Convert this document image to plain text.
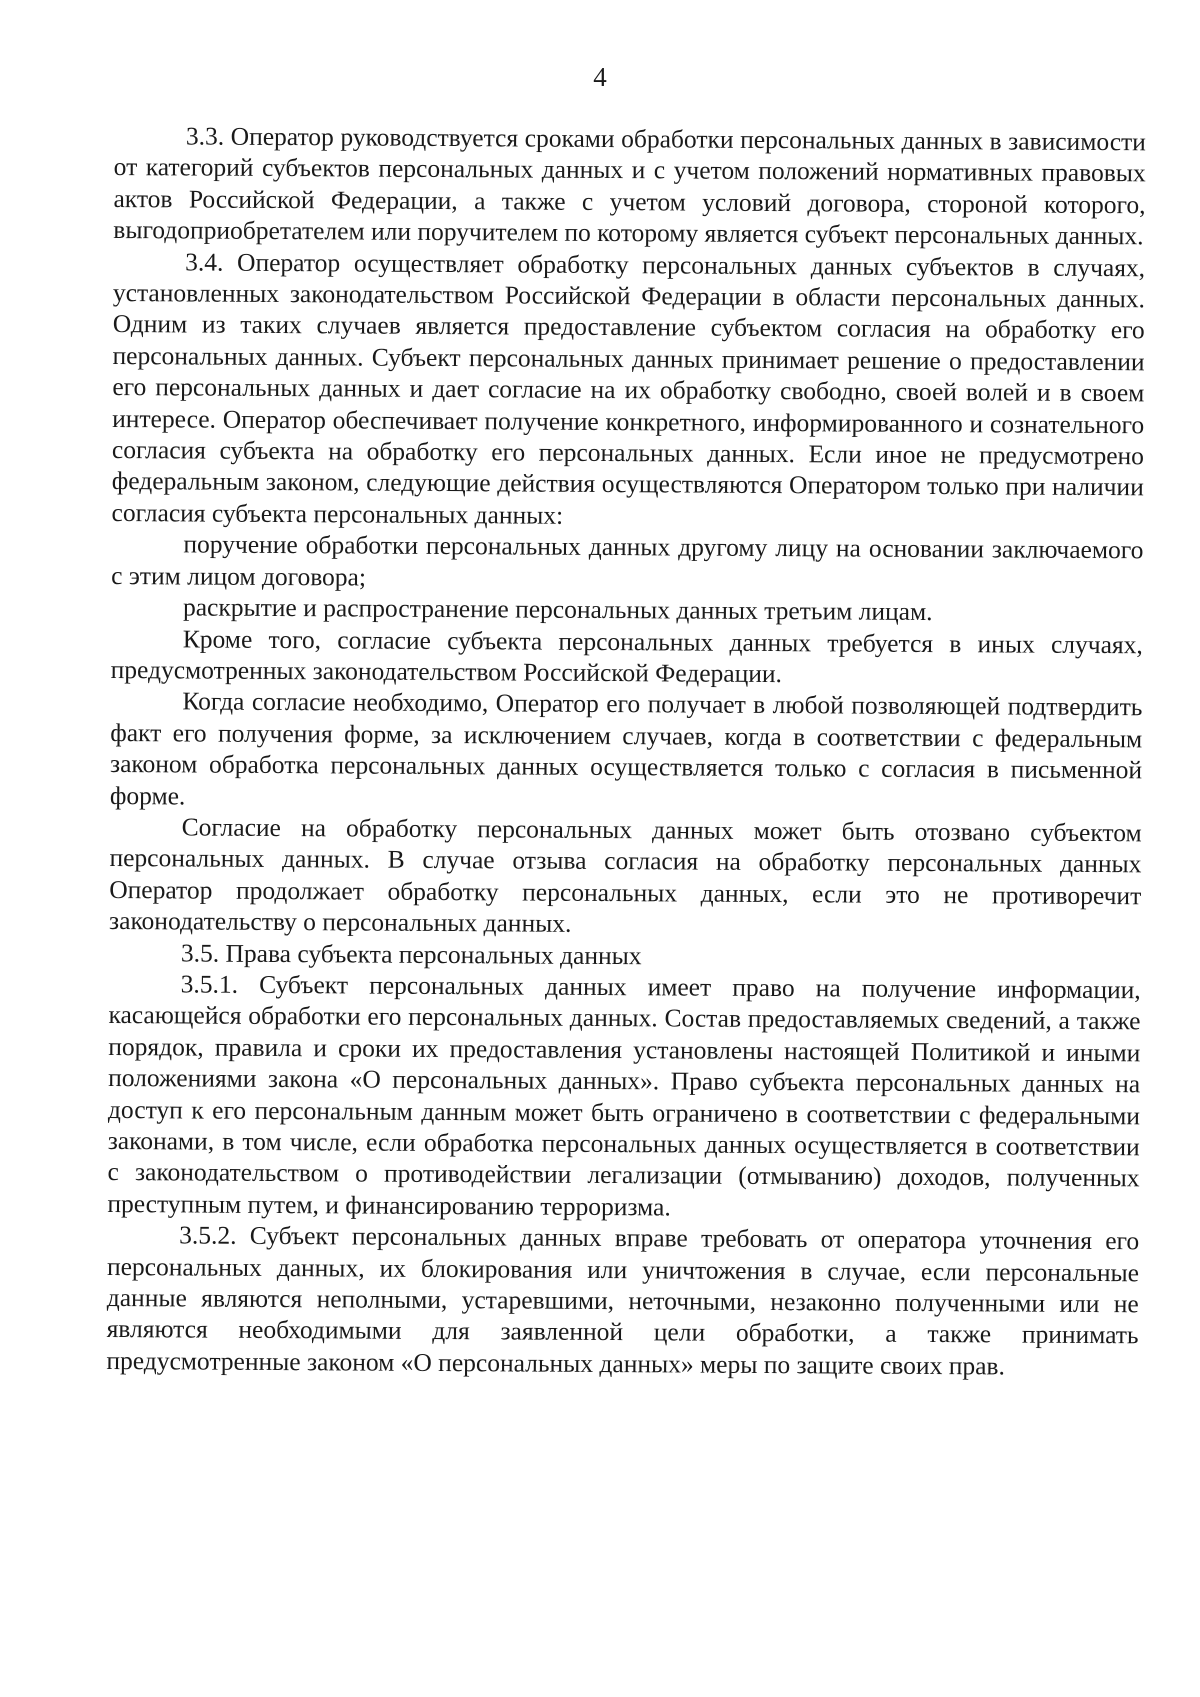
4

3.3. Оператор руководствуется сроками обработки персональных данных в зависимости от категорий субъектов персональных данных и с учетом положений нормативных правовых актов Российской Федерации, а также с учетом условий договора, стороной которого, выгодоприобретателем или поручителем по которому является субъект персональных данных.

3.4. Оператор осуществляет обработку персональных данных субъектов в случаях, установленных законодательством Российской Федерации в области персональных данных. Одним из таких случаев является предоставление субъектом согласия на обработку его персональных данных. Субъект персональных данных принимает решение о предоставлении его персональных данных и дает согласие на их обработку свободно, своей волей и в своем интересе. Оператор обеспечивает получение конкретного, информированного и сознательного согласия субъекта на обработку его персональных данных. Если иное не предусмотрено федеральным законом, следующие действия осуществляются Оператором только при наличии согласия субъекта персональных данных:

поручение обработки персональных данных другому лицу на основании заключаемого с этим лицом договора;

раскрытие и распространение персональных данных третьим лицам.

Кроме того, согласие субъекта персональных данных требуется в иных случаях, предусмотренных законодательством Российской Федерации.

Когда согласие необходимо, Оператор его получает в любой позволяющей подтвердить факт его получения форме, за исключением случаев, когда в соответствии с федеральным законом обработка персональных данных осуществляется только с согласия в письменной форме.

Согласие на обработку персональных данных может быть отозвано субъектом персональных данных. В случае отзыва согласия на обработку персональных данных Оператор продолжает обработку персональных данных, если это не противоречит законодательству о персональных данных.

3.5. Права субъекта персональных данных

3.5.1. Субъект персональных данных имеет право на получение информации, касающейся обработки его персональных данных. Состав предоставляемых сведений, а также порядок, правила и сроки их предоставления установлены настоящей Политикой и иными положениями закона «О персональных данных». Право субъекта персональных данных на доступ к его персональным данным может быть ограничено в соответствии с федеральными законами, в том числе, если обработка персональных данных осуществляется в соответствии с законодательством о противодействии легализации (отмыванию) доходов, полученных преступным путем, и финансированию терроризма.

3.5.2. Субъект персональных данных вправе требовать от оператора уточнения его персональных данных, их блокирования или уничтожения в случае, если персональные данные являются неполными, устаревшими, неточными, незаконно полученными или не являются необходимыми для заявленной цели обработки, а также принимать предусмотренные законом «О персональных данных» меры по защите своих прав.
